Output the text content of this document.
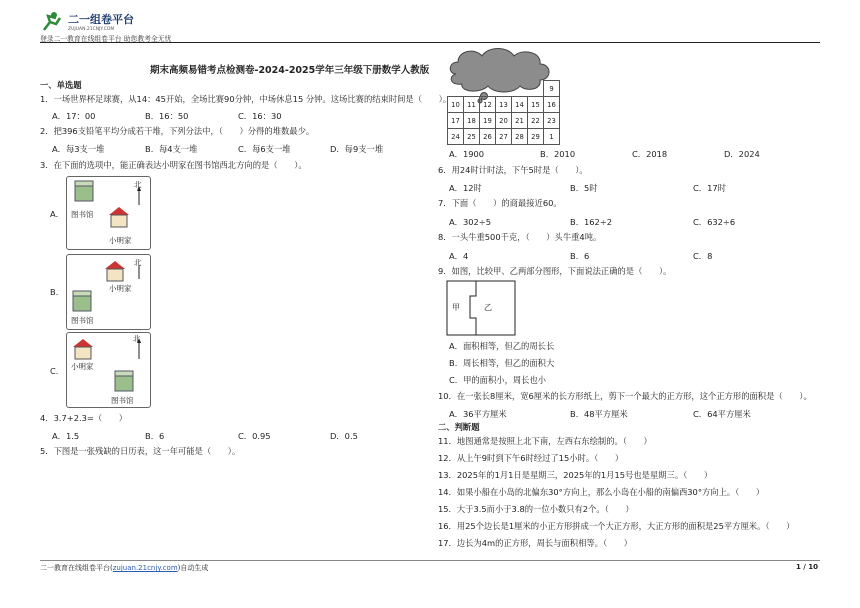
二一组卷平台
ZUJUAN.21CNJY.COM
登录二一教育在线组卷平台 助您教考全无忧
期末高频易错考点检测卷-2024-2025学年三年级下册数学人教版
一、单选题
1．一场世界杯足球赛，从14：45开始，全场比赛90分钟，中场休息15 分钟。这场比赛的结束时间是（　　）。
A．17：00	B．16：50	C．16：30
2．把396支铅笔平均分成若干堆，下列分法中，（　　）分得的堆数最少。
A．每3支一堆	B．每4支一堆	C．每6支一堆	D．每9支一堆
3．在下面的选项中，能正确表达小明家在图书馆西北方向的是（　　）。
A． 图书馆
小明家
北
B．	小明家
图书馆
北
C． 小明家
图书馆
北
4．3.7+2.3=（　　）
A．1.5	B．6	C．0.95	D．0.5
5．下图是一张残缺的日历表，这一年可能是（　　）。
						9
10	11	12	13	14	15	16
17	18	19	20	21	22	23
24	25	26	27	28	29	1
A．1900	B．2010	C．2018	D．2024
6．用24时计时法，下午5时是（　　）。
A．12时	B．5时	C．17时
7．下面（　　）的商最接近60。
A．302÷5	B．162÷2	C．632÷6
8．一头牛重500千克，（　　）头牛重4吨。
A．4	B．6	C．8
9．如图，比较甲、乙两部分图形，下面说法正确的是（　　）。
甲	乙
A．面积相等，但乙的周长长
B．周长相等，但乙的面积大
C．甲的面积小，周长也小
10．在一张长8厘米，宽6厘米的长方形纸上，剪下一个最大的正方形，这个正方形的面积是（　　）。
A．36平方厘米	B．48平方厘米	C．64平方厘米
二、判断题
11．地图通常是按照上北下南，左西右东绘制的。（　　）
12．从上午9时到下午6时经过了15小时。（　　）
13．2025年的1月1日是星期三，2025年的1月15号也是星期三。（　　）
14．如果小船在小岛的北偏东30°方向上，那么小岛在小船的南偏西30°方向上。（　　）
15．大于3.5而小于3.8的一位小数只有2个。（　　）
16．用25个边长是1厘米的小正方形拼成一个大正方形，大正方形的面积是25平方厘米。（　　）
17．边长为4m的正方形，周长与面积相等。（　　）
二一教育在线组卷平台(zujuan.21cnjy.com)自动生成	1 / 10
